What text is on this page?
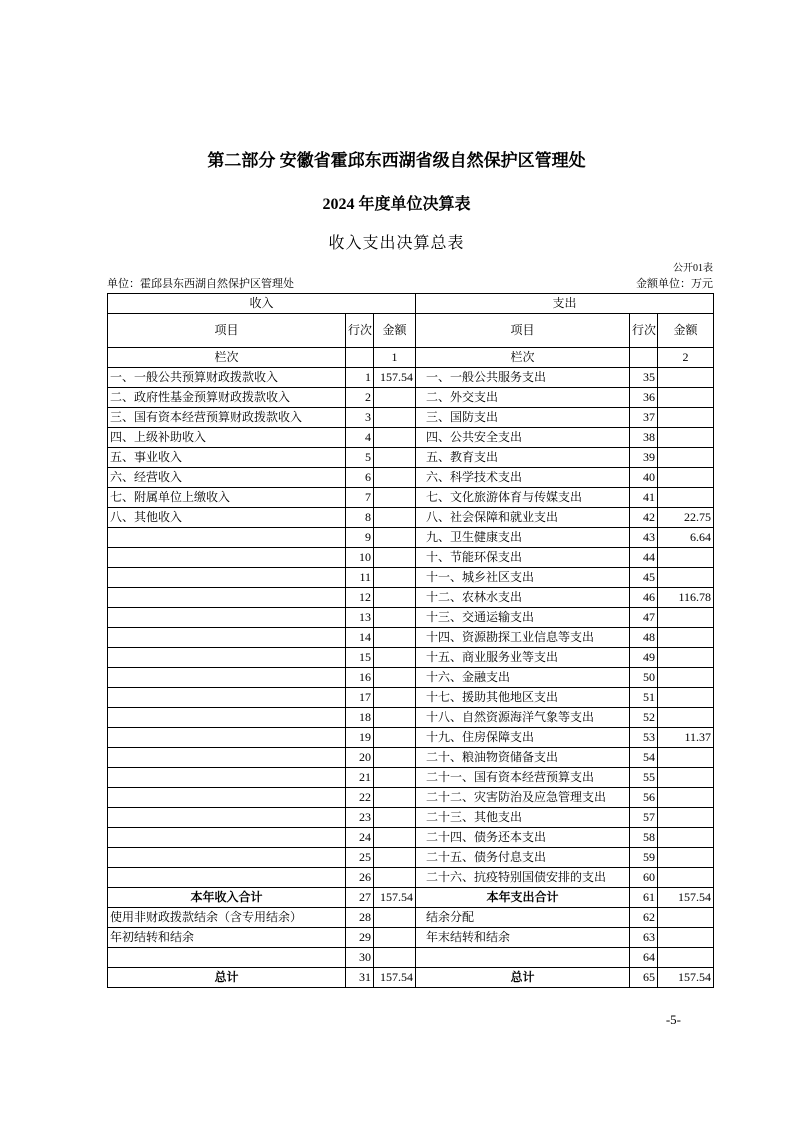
第二部分 安徽省霍邱东西湖省级自然保护区管理处
2024 年度单位决算表
收入支出决算总表
公开01表
单位：霍邱县东西湖自然保护区管理处	金额单位：万元
收入			支出		
项目	行次	金额	项目	行次	金额
栏次		1	栏次		2
一、一般公共预算财政拨款收入	1	157.54	一、一般公共服务支出	35	
二、政府性基金预算财政拨款收入	2		二、外交支出	36	
三、国有资本经营预算财政拨款收入	3		三、国防支出	37	
四、上级补助收入	4		四、公共安全支出	38	
五、事业收入	5		五、教育支出	39	
六、经营收入	6		六、科学技术支出	40	
七、附属单位上缴收入	7		七、文化旅游体育与传媒支出	41	
八、其他收入	8		八、社会保障和就业支出	42	22.75
	9		九、卫生健康支出	43	6.64
	10		十、节能环保支出	44	
	11		十一、城乡社区支出	45	
	12		十二、农林水支出	46	116.78
	13		十三、交通运输支出	47	
	14		十四、资源勘探工业信息等支出	48	
	15		十五、商业服务业等支出	49	
	16		十六、金融支出	50	
	17		十七、援助其他地区支出	51	
	18		十八、自然资源海洋气象等支出	52	
	19		十九、住房保障支出	53	11.37
	20		二十、粮油物资储备支出	54	
	21		二十一、国有资本经营预算支出	55	
	22		二十二、灾害防治及应急管理支出	56	
	23		二十三、其他支出	57	
	24		二十四、债务还本支出	58	
	25		二十五、债务付息支出	59	
	26		二十六、抗疫特别国债安排的支出	60	
本年收入合计	27	157.54	本年支出合计	61	157.54
使用非财政拨款结余（含专用结余）	28		结余分配	62	
年初结转和结余	29		年末结转和结余	63	
	30			64	
总计	31	157.54	总计	65	157.54
-5-
